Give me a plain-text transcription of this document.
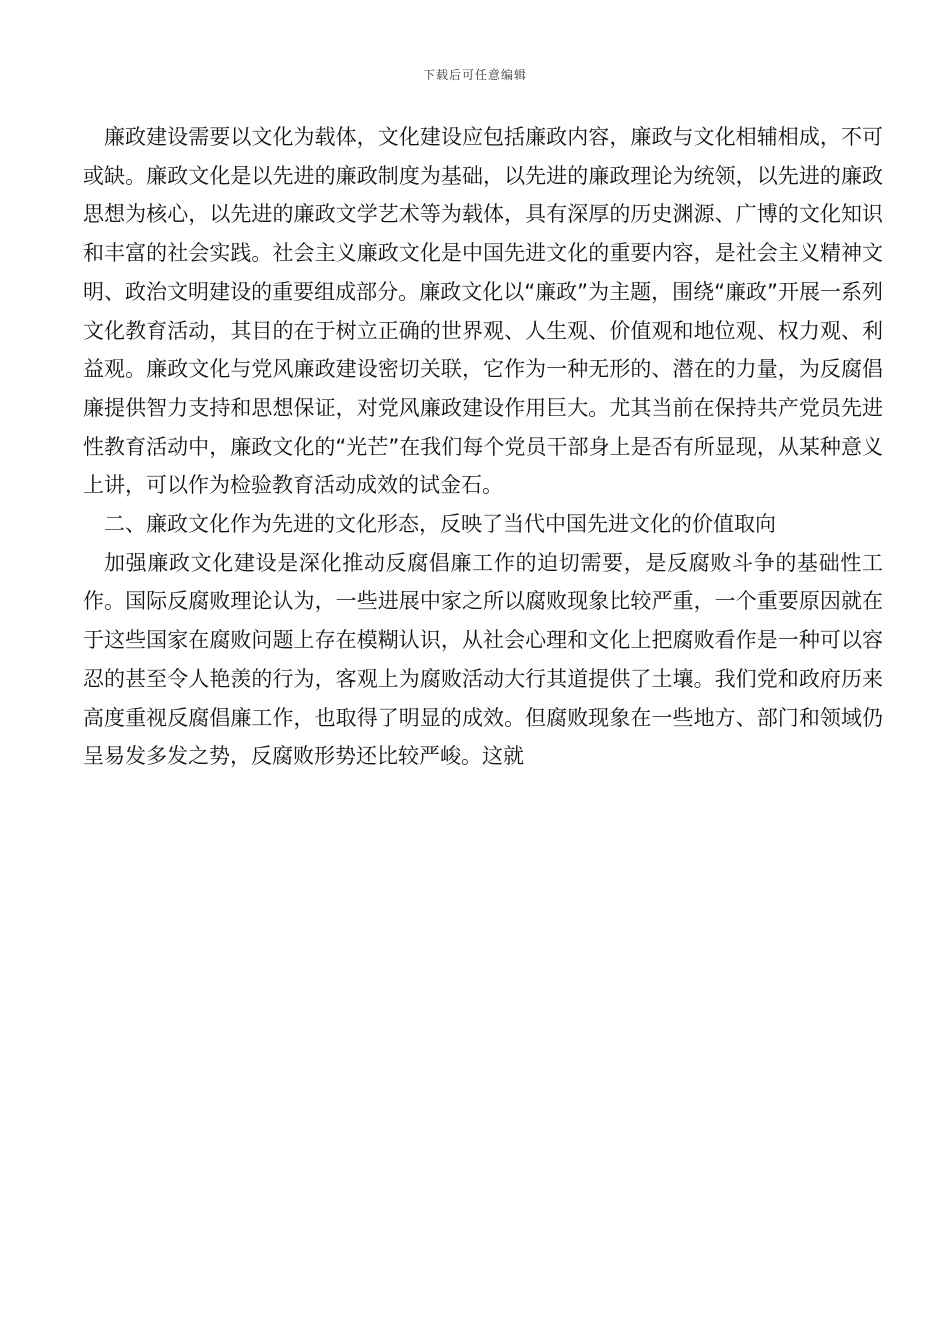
下载后可任意编辑

廉政建设需要以文化为载体，文化建设应包括廉政内容，廉政与文化相辅相成，不可或缺。廉政文化是以先进的廉政制度为基础，以先进的廉政理论为统领，以先进的廉政思想为核心，以先进的廉政文学艺术等为载体，具有深厚的历史渊源、广博的文化知识和丰富的社会实践。社会主义廉政文化是中国先进文化的重要内容，是社会主义精神文明、政治文明建设的重要组成部分。廉政文化以“廉政”为主题，围绕“廉政”开展一系列文化教育活动，其目的在于树立正确的世界观、人生观、价值观和地位观、权力观、利益观。廉政文化与党风廉政建设密切关联，它作为一种无形的、潜在的力量，为反腐倡廉提供智力支持和思想保证，对党风廉政建设作用巨大。尤其当前在保持共产党员先进性教育活动中，廉政文化的“光芒”在我们每个党员干部身上是否有所显现，从某种意义上讲，可以作为检验教育活动成效的试金石。

二、廉政文化作为先进的文化形态，反映了当代中国先进文化的价值取向

加强廉政文化建设是深化推动反腐倡廉工作的迫切需要，是反腐败斗争的基础性工作。国际反腐败理论认为，一些进展中家之所以腐败现象比较严重，一个重要原因就在于这些国家在腐败问题上存在模糊认识，从社会心理和文化上把腐败看作是一种可以容忍的甚至令人艳羡的行为，客观上为腐败活动大行其道提供了土壤。我们党和政府历来高度重视反腐倡廉工作，也取得了明显的成效。但腐败现象在一些地方、部门和领域仍呈易发多发之势，反腐败形势还比较严峻。这就
